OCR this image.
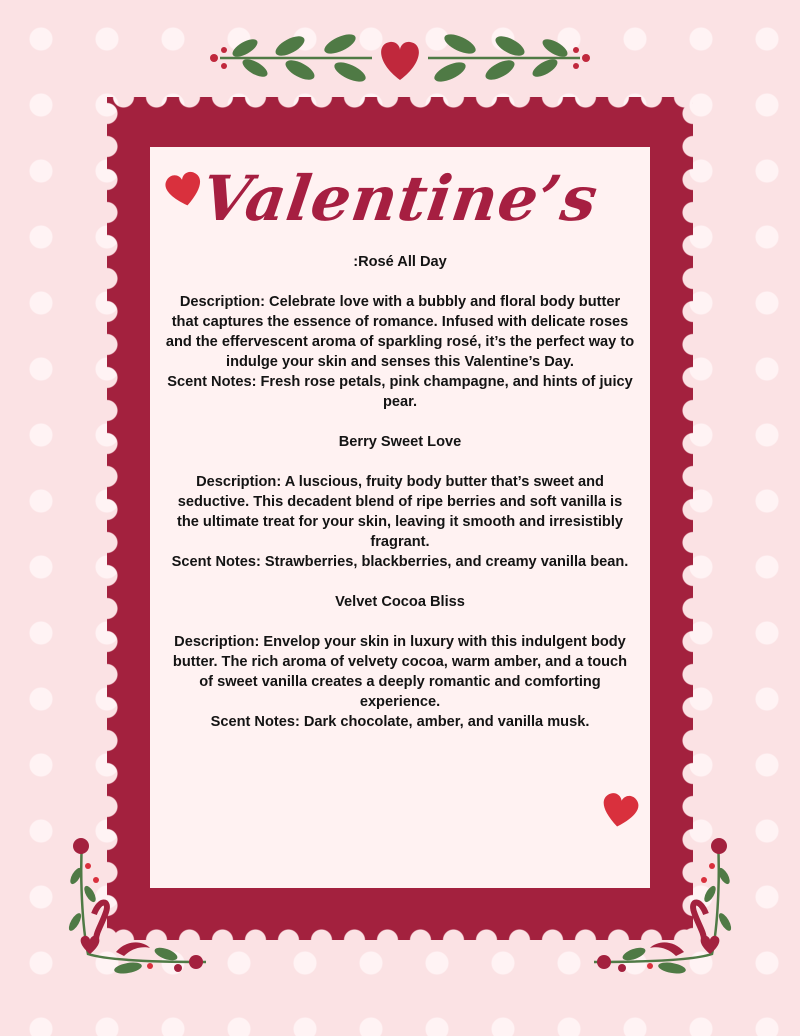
Valentine’s

:Rosé All Day

Description: Celebrate love with a bubbly and floral body butter that captures the essence of romance. Infused with delicate roses and the effervescent aroma of sparkling rosé, it’s the perfect way to indulge your skin and senses this Valentine’s Day.

Scent Notes: Fresh rose petals, pink champagne, and hints of juicy pear.

Berry Sweet Love

Description: A luscious, fruity body butter that’s sweet and seductive. This decadent blend of ripe berries and soft vanilla is the ultimate treat for your skin, leaving it smooth and irresistibly fragrant.

Scent Notes: Strawberries, blackberries, and creamy vanilla bean.

Velvet Cocoa Bliss

Description: Envelop your skin in luxury with this indulgent body butter. The rich aroma of velvety cocoa, warm amber, and a touch of sweet vanilla creates a deeply romantic and comforting experience.

Scent Notes: Dark chocolate, amber, and vanilla musk.
